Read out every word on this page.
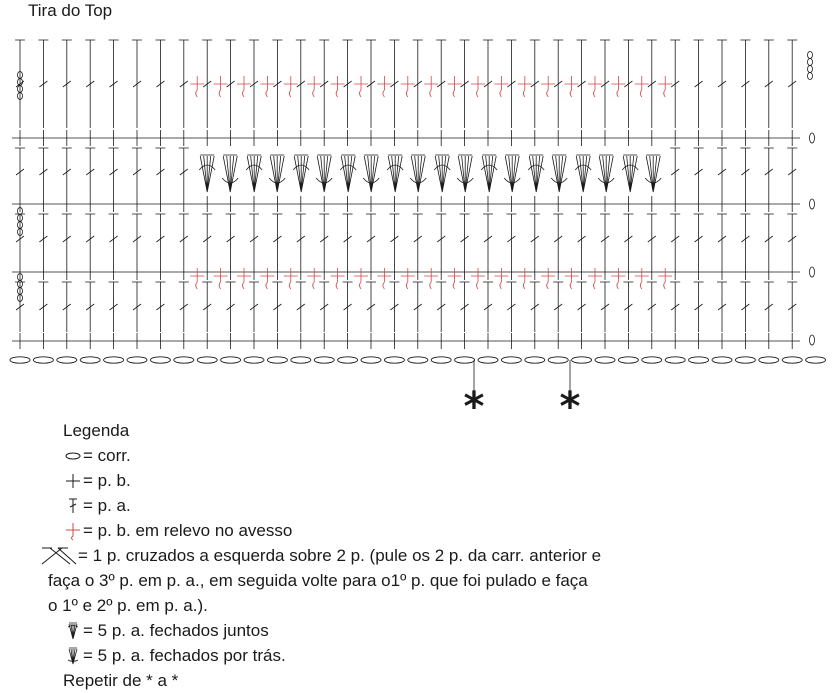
Tira do Top
* *
Legenda
= corr.
= p. b.
= p. a.
= p. b. em relevo no avesso
= 1 p. cruzados a esquerda sobre 2 p. (pule os 2 p. da carr. anterior e
faça o 3º p. em p. a., em seguida volte para o1º p. que foi pulado e faça
o 1º e 2º p. em p. a.).
= 5 p. a. fechados juntos
= 5 p. a. fechados por trás.
Repetir de * a *
